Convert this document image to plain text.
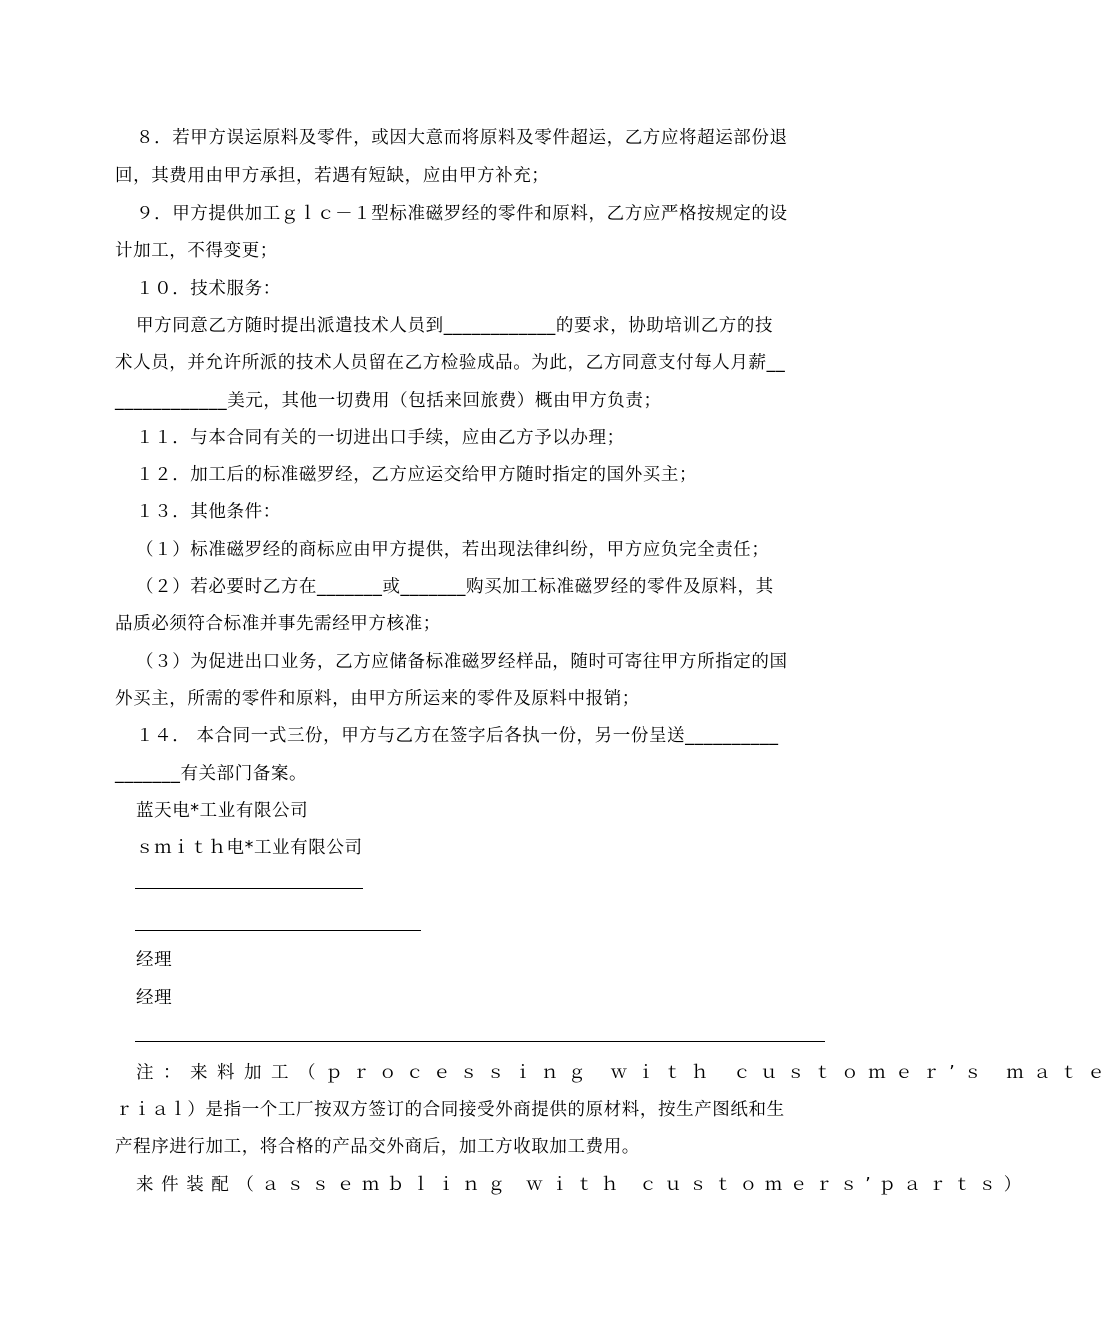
８．若甲方误运原料及零件，或因大意而将原料及零件超运，乙方应将超运部份退
回，其费用由甲方承担，若遇有短缺，应由甲方补充；
９．甲方提供加工ｇｌｃ－１型标准磁罗经的零件和原料，乙方应严格按规定的设
计加工，不得变更；
１０．技术服务：
甲方同意乙方随时提出派遣技术人员到____________的要求，协助培训乙方的技
术人员，并允许所派的技术人员留在乙方检验成品。为此，乙方同意支付每人月薪__
____________美元，其他一切费用（包括来回旅费）概由甲方负责；
１１．与本合同有关的一切进出口手续，应由乙方予以办理；
１２．加工后的标准磁罗经，乙方应运交给甲方随时指定的国外买主；
１３．其他条件：
（１）标准磁罗经的商标应由甲方提供，若出现法律纠纷，甲方应负完全责任；
（２）若必要时乙方在_______或_______购买加工标准磁罗经的零件及原料，其
品质必须符合标准并事先需经甲方核准；
（３）为促进出口业务，乙方应储备标准磁罗经样品，随时可寄往甲方所指定的国
外买主，所需的零件和原料，由甲方所运来的零件及原料中报销；
１４． 本合同一式三份，甲方与乙方在签字后各执一份，另一份呈送__________
_______有关部门备案。
蓝天电*工业有限公司
ｓｍｉｔｈ电*工业有限公司
经理
经理
注：来料加工（ｐｒｏｃｅｓｓｉｎｇ ｗｉｔｈ ｃｕｓｔｏｍｅｒ’ｓ ｍａｔｅ
ｒｉａｌ）是指一个工厂按双方签订的合同接受外商提供的原材料，按生产图纸和生
产程序进行加工，将合格的产品交外商后，加工方收取加工费用。
来件装配（ａｓｓｅｍｂｌｉｎｇ ｗｉｔｈ ｃｕｓｔｏｍｅｒｓ’ｐａｒｔｓ）
